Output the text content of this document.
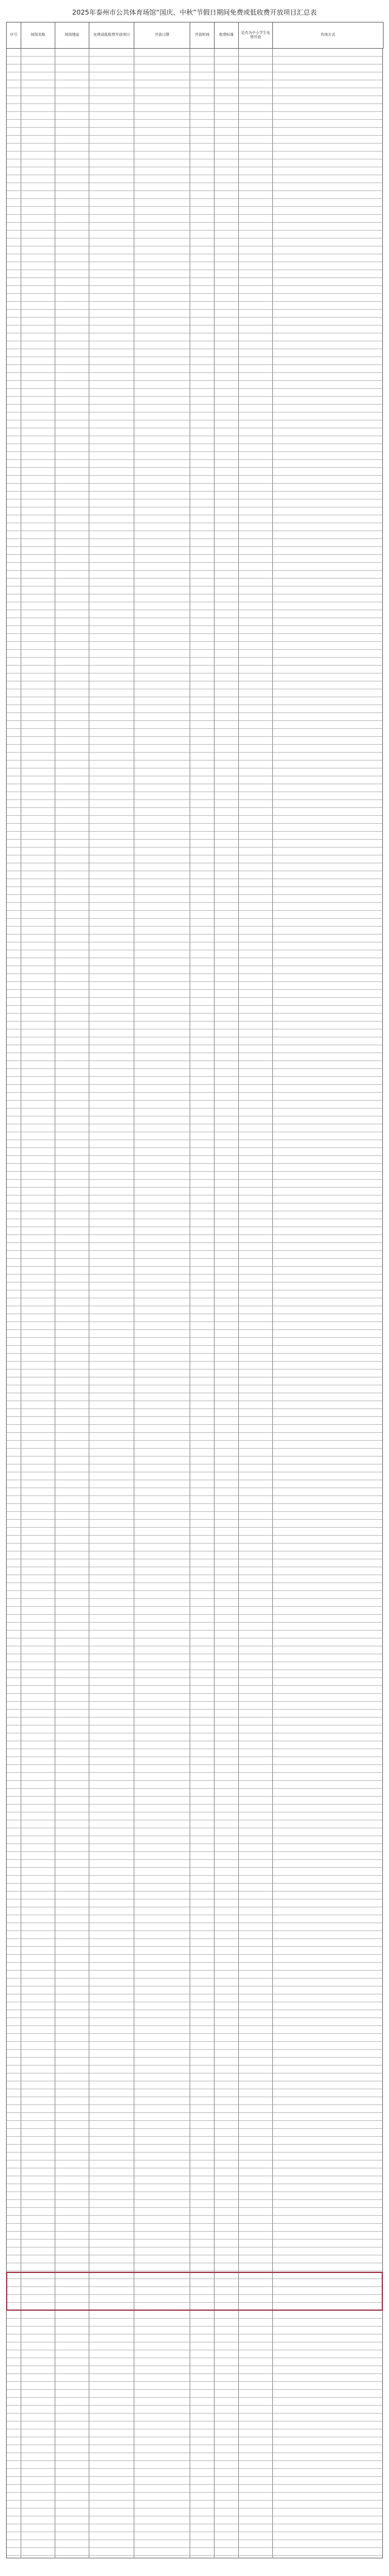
2025年泰州市公共体育场馆“国庆、中秋”节假日期间免费或低收费开放项目汇总表
序号	场馆名称	场馆地址	免费或低收费开放项目	开放日期	开放时间	收费标准	是否为中小学生免费开放	咨询方式
